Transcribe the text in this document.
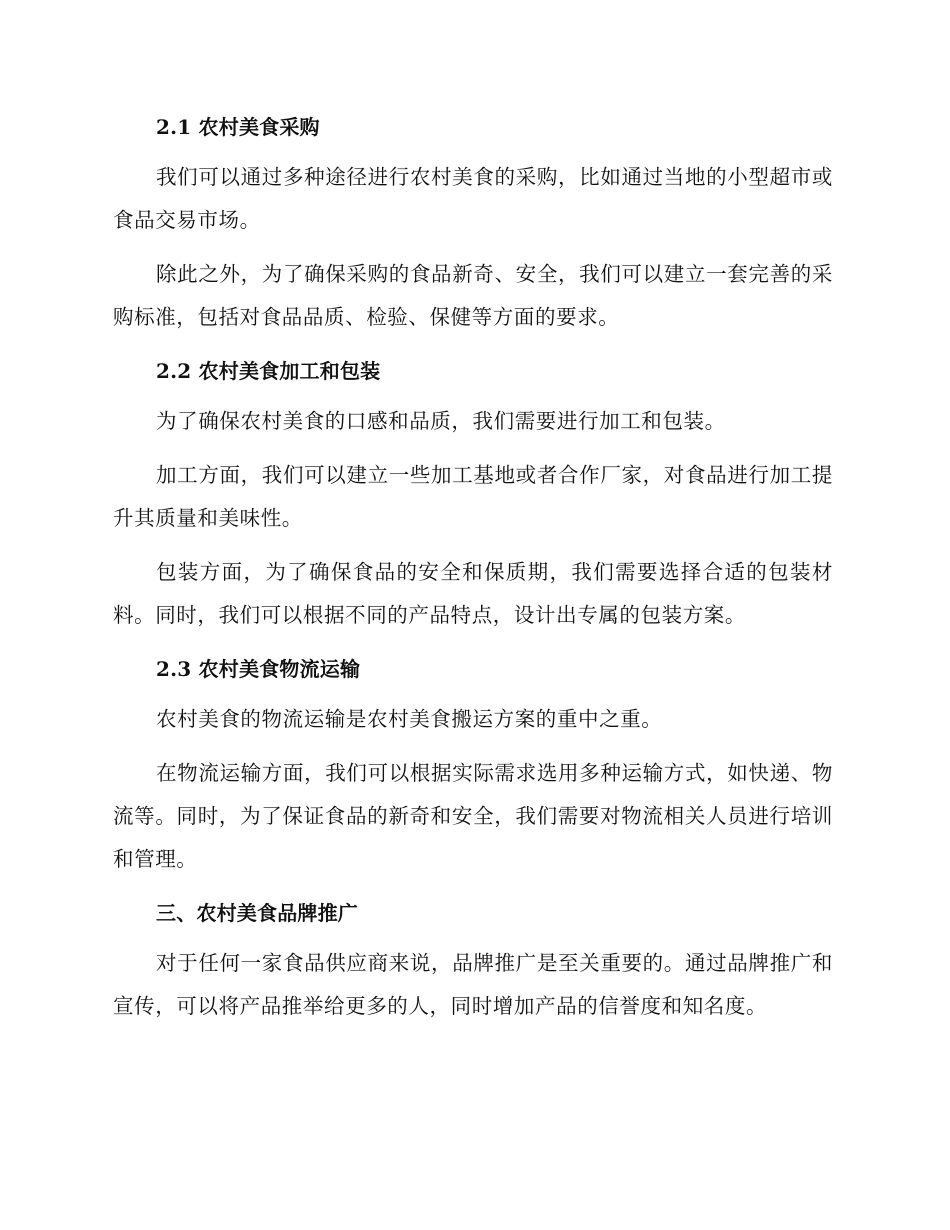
2.1 农村美食采购

我们可以通过多种途径进行农村美食的采购，比如通过当地的小型超市或食品交易市场。

除此之外，为了确保采购的食品新奇、安全，我们可以建立一套完善的采购标准，包括对食品品质、检验、保健等方面的要求。

2.2 农村美食加工和包装

为了确保农村美食的口感和品质，我们需要进行加工和包装。

加工方面，我们可以建立一些加工基地或者合作厂家，对食品进行加工提升其质量和美味性。

包装方面，为了确保食品的安全和保质期，我们需要选择合适的包装材料。同时，我们可以根据不同的产品特点，设计出专属的包装方案。

2.3 农村美食物流运输

农村美食的物流运输是农村美食搬运方案的重中之重。

在物流运输方面，我们可以根据实际需求选用多种运输方式，如快递、物流等。同时，为了保证食品的新奇和安全，我们需要对物流相关人员进行培训和管理。

三、农村美食品牌推广

对于任何一家食品供应商来说，品牌推广是至关重要的。通过品牌推广和宣传，可以将产品推举给更多的人，同时增加产品的信誉度和知名度。
